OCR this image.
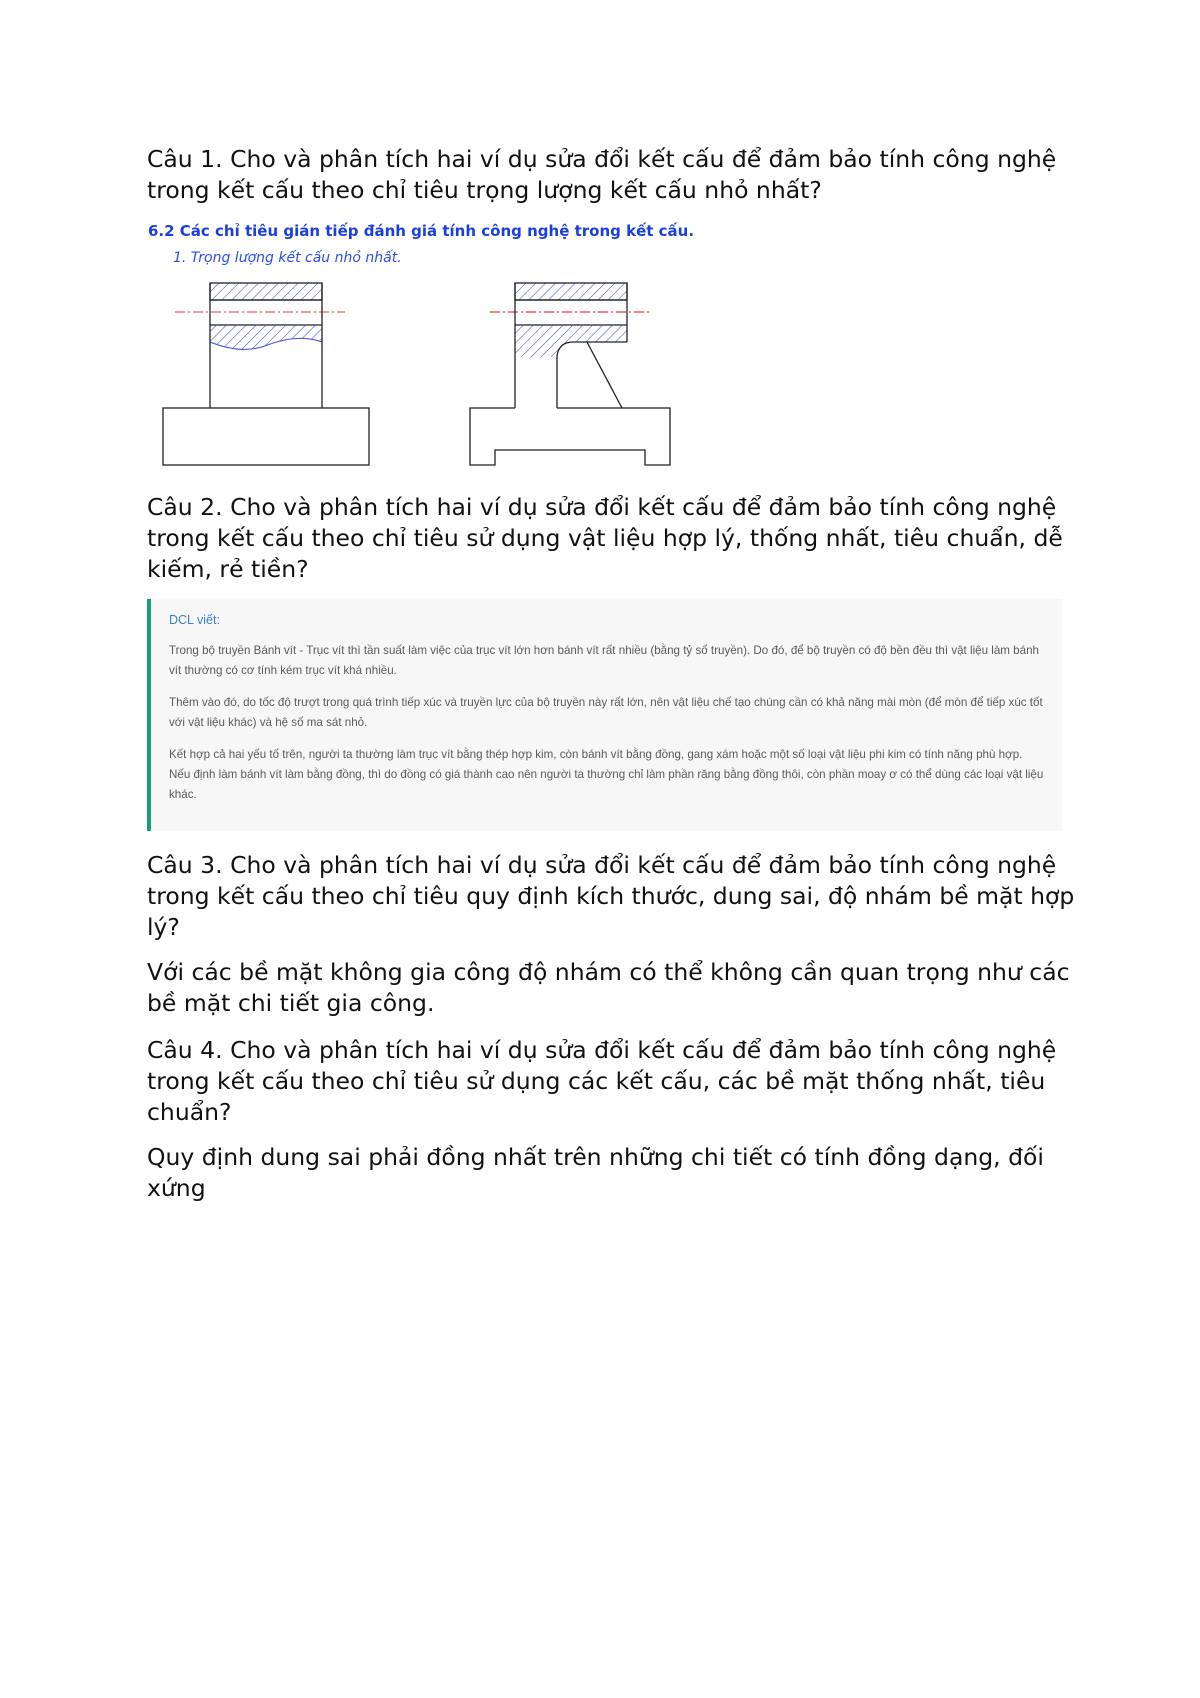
Câu 1. Cho và phân tích hai ví dụ sửa đổi kết cấu để đảm bảo tính công nghệ trong kết cấu theo chỉ tiêu trọng lượng kết cấu nhỏ nhất?

6.2 Các chỉ tiêu gián tiếp đánh giá tính công nghệ trong kết cấu.
1. Trọng lượng kết cấu nhỏ nhất.

Câu 2. Cho và phân tích hai ví dụ sửa đổi kết cấu để đảm bảo tính công nghệ trong kết cấu theo chỉ tiêu sử dụng vật liệu hợp lý, thống nhất, tiêu chuẩn, dễ kiếm, rẻ tiền?

DCL viết:

Trong bộ truyền Bánh vít - Trục vít thì tần suất làm việc của trục vít lớn hơn bánh vít rất nhiều (bằng tỷ số truyền). Do đó, để bộ truyền có độ bền đều thì vật liệu làm bánh vít thường có cơ tính kém trục vít khá nhiều.

Thêm vào đó, do tốc độ trượt trong quá trình tiếp xúc và truyền lực của bộ truyền này rất lớn, nên vật liệu chế tạo chúng cần có khả năng mài mòn (để mòn để tiếp xúc tốt với vật liệu khác) và hệ số ma sát nhỏ.

Kết hợp cả hai yếu tố trên, người ta thường làm trục vít bằng thép hợp kim, còn bánh vít bằng đồng, gang xám hoặc một số loại vật liệu phi kim có tính năng phù hợp. Nếu định làm bánh vít làm bằng đồng, thì do đồng có giá thành cao nên người ta thường chỉ làm phần răng bằng đồng thôi, còn phần moay ơ có thể dùng các loại vật liệu khác.

Câu 3. Cho và phân tích hai ví dụ sửa đổi kết cấu để đảm bảo tính công nghệ trong kết cấu theo chỉ tiêu quy định kích thước, dung sai, độ nhám bề mặt hợp lý?

Với các bề mặt không gia công độ nhám có thể không cần quan trọng như các bề mặt chi tiết gia công.

Câu 4. Cho và phân tích hai ví dụ sửa đổi kết cấu để đảm bảo tính công nghệ trong kết cấu theo chỉ tiêu sử dụng các kết cấu, các bề mặt thống nhất, tiêu chuẩn?

Quy định dung sai phải đồng nhất trên những chi tiết có tính đồng dạng, đối xứng
